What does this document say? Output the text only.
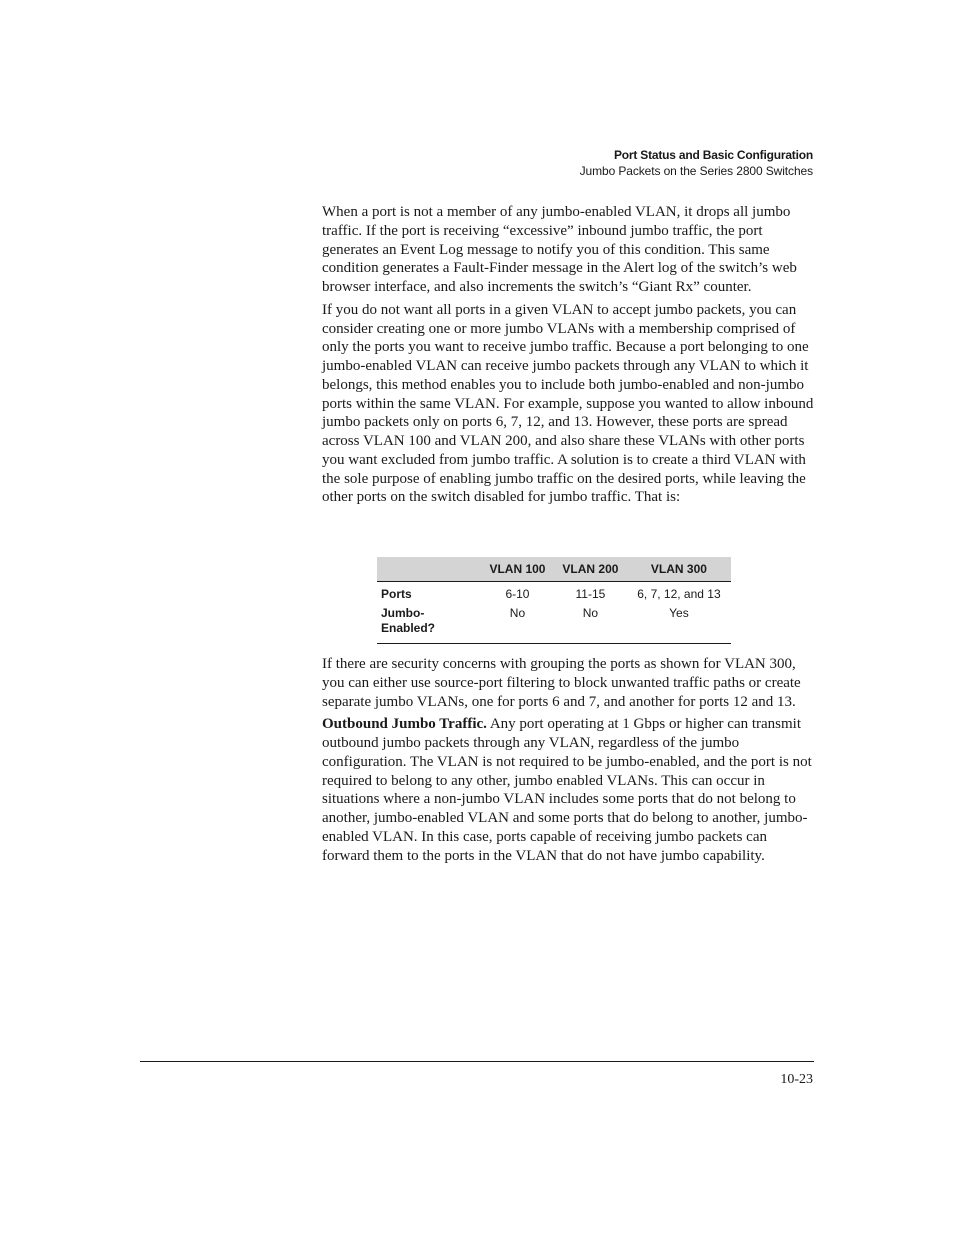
Port Status and Basic Configuration
Jumbo Packets on the Series 2800 Switches

When a port is not a member of any jumbo-enabled VLAN, it drops all jumbo traffic. If the port is receiving “excessive” inbound jumbo traffic, the port generates an Event Log message to notify you of this condition. This same condition generates a Fault-Finder message in the Alert log of the switch’s web browser interface, and also increments the switch’s “Giant Rx” counter.

If you do not want all ports in a given VLAN to accept jumbo packets, you can consider creating one or more jumbo VLANs with a membership comprised of only the ports you want to receive jumbo traffic. Because a port belonging to one jumbo-enabled VLAN can receive jumbo packets through any VLAN to which it belongs, this method enables you to include both jumbo-enabled and non-jumbo ports within the same VLAN. For example, suppose you wanted to allow inbound jumbo packets only on ports 6, 7, 12, and 13. However, these ports are spread across VLAN 100 and VLAN 200, and also share these VLANs with other ports you want excluded from jumbo traffic. A solution is to create a third VLAN with the sole purpose of enabling jumbo traffic on the desired ports, while leaving the other ports on the switch disabled for jumbo traffic. That is:

	VLAN 100	VLAN 200	VLAN 300
Ports	6-10	11-15	6, 7, 12, and 13

Jumbo-
Enabled?	No	No	Yes

If there are security concerns with grouping the ports as shown for VLAN 300, you can either use source-port filtering to block unwanted traffic paths or create separate jumbo VLANs, one for ports 6 and 7, and another for ports 12 and 13.

Outbound Jumbo Traffic. Any port operating at 1 Gbps or higher can transmit outbound jumbo packets through any VLAN, regardless of the jumbo configuration. The VLAN is not required to be jumbo-enabled, and the port is not required to belong to any other, jumbo enabled VLANs. This can occur in situations where a non-jumbo VLAN includes some ports that do not belong to another, jumbo-enabled VLAN and some ports that do belong to another, jumbo-enabled VLAN. In this case, ports capable of receiving jumbo packets can forward them to the ports in the VLAN that do not have jumbo capability.

10-23
